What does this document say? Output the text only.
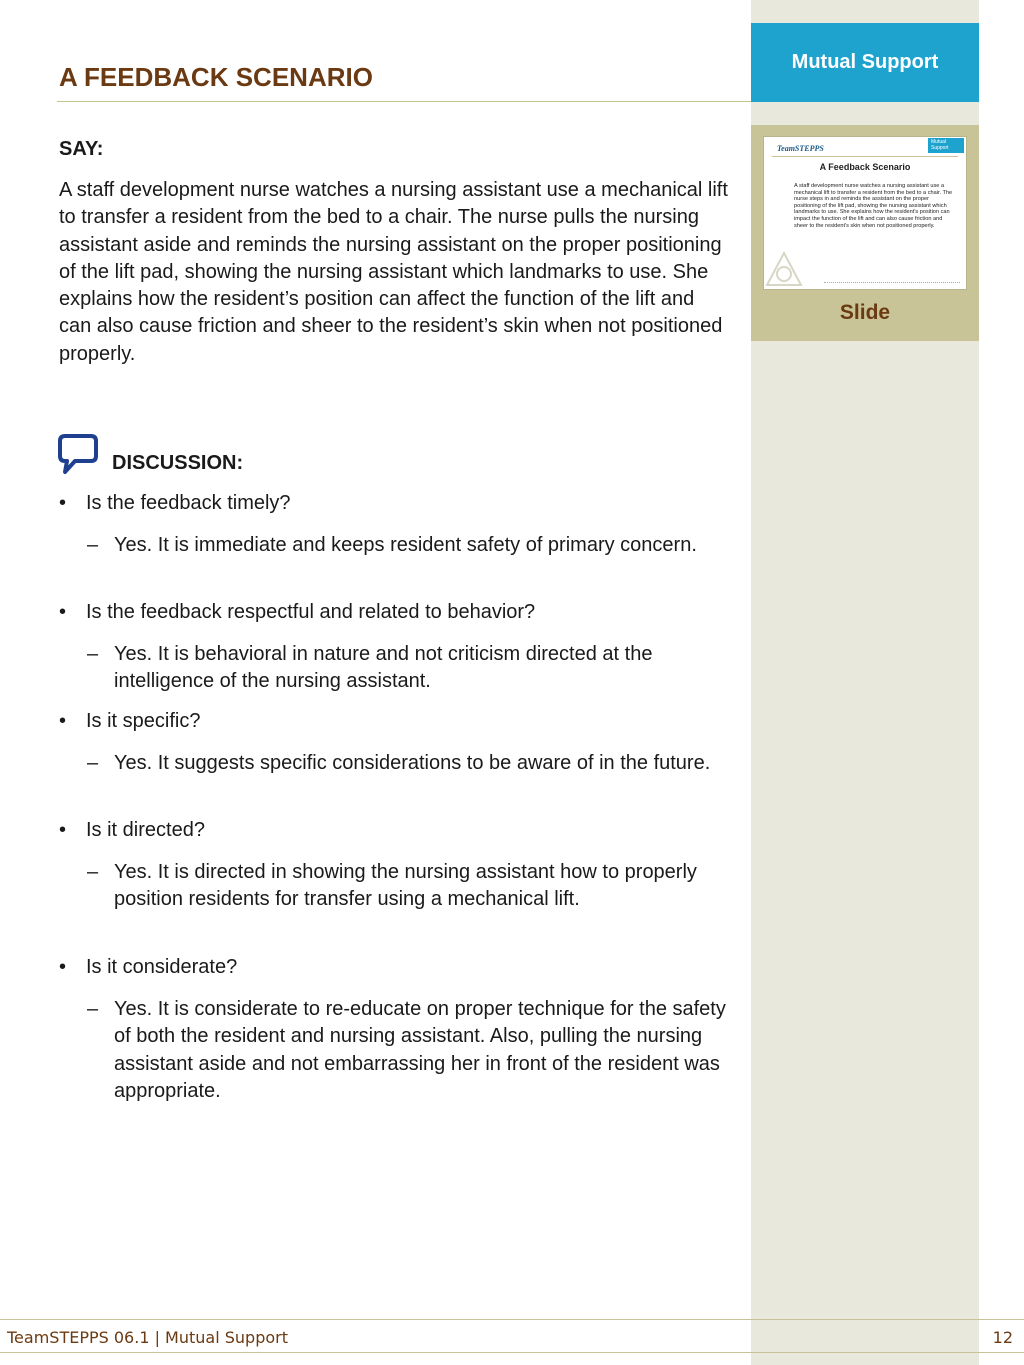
Mutual Support
TeamSTEPPS
Mutual Support
A Feedback Scenario
A staff development nurse watches a nursing assistant use a mechanical lift to transfer a resident from the bed to a chair. The nurse steps in and reminds the assistant on the proper positioning of the lift pad, showing the nursing assistant which landmarks to use. She explains how the resident's position can impact the function of the lift and can also cause friction and sheer to the resident's skin when not positioned properly.
Slide
A FEEDBACK SCENARIO
SAY:

A staff development nurse watches a nursing assistant use a mechanical lift to transfer a resident from the bed to a chair. The nurse pulls the nursing assistant aside and reminds the nursing assistant on the proper positioning of the lift pad, showing the nursing assistant which landmarks to use. She explains how the resident’s position can affect the function of the lift and can also cause friction and sheer to the resident’s skin when not positioned properly.

DISCUSSION:
• Is the feedback timely?
– Yes. It is immediate and keeps resident safety of primary concern.
• Is the feedback respectful and related to behavior?
– Yes. It is behavioral in nature and not criticism directed at the intelligence of the nursing assistant.
• Is it specific?
– Yes. It suggests specific considerations to be aware of in the future.
• Is it directed?
– Yes. It is directed in showing the nursing assistant how to properly position residents for transfer using a mechanical lift.
• Is it considerate?
– Yes. It is considerate to re-educate on proper technique for the safety of both the resident and nursing assistant. Also, pulling the nursing assistant aside and not embarrassing her in front of the resident was appropriate.
TeamSTEPPS 06.1 | Mutual Support	12
